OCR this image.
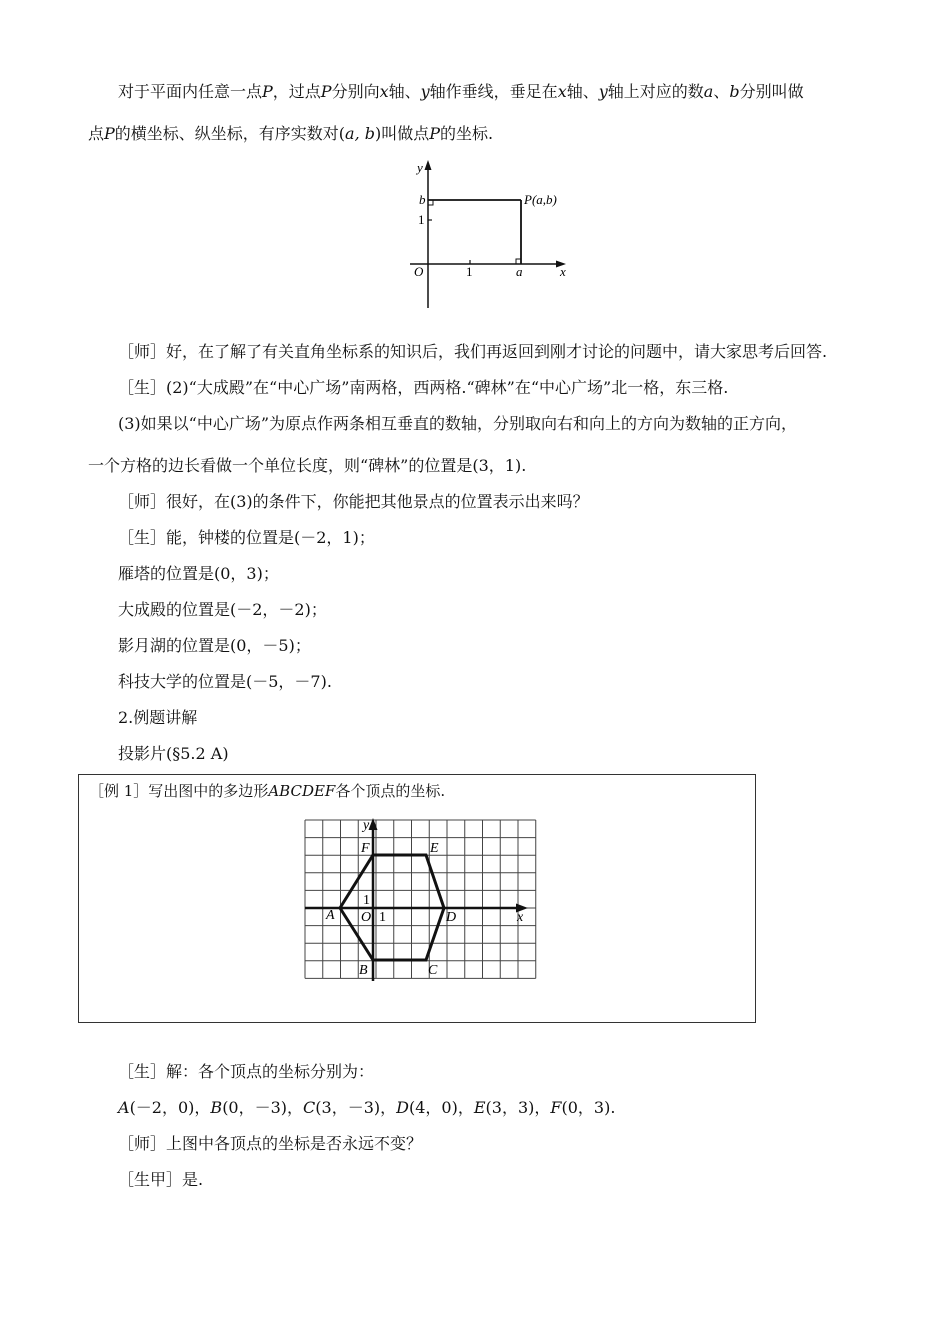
对于平面内任意一点P，过点P分别向x轴、y轴作垂线，垂足在x轴、y轴上对应的数a、b分别叫做
点P的横坐标、纵坐标，有序实数对(a, b)叫做点P的坐标.
y
x
O	1
1
b
a
P(a,b)
［师］好，在了解了有关直角坐标系的知识后，我们再返回到刚才讨论的问题中，请大家思考后回答.
［生］(2)“大成殿”在“中心广场”南两格，西两格.“碑林”在“中心广场”北一格，东三格.
(3)如果以“中心广场”为原点作两条相互垂直的数轴，分别取向右和向上的方向为数轴的正方向，
一个方格的边长看做一个单位长度，则“碑林”的位置是(3，1).
［师］很好，在(3)的条件下，你能把其他景点的位置表示出来吗？
［生］能，钟楼的位置是(－2，1)；
雁塔的位置是(0，3)；
大成殿的位置是(－2，－2)；
影月湖的位置是(0，－5)；
科技大学的位置是(－5，－7).
2.例题讲解
投影片(§5.2 A)
［例 1］写出图中的多边形ABCDEF各个顶点的坐标.
A
B	C
D
E
F
O 1
1
x
y
［生］解：各个顶点的坐标分别为：
A(－2，0)，B(0，－3)，C(3，－3)，D(4，0)，E(3，3)，F(0，3).
［师］上图中各顶点的坐标是否永远不变？
［生甲］是.
